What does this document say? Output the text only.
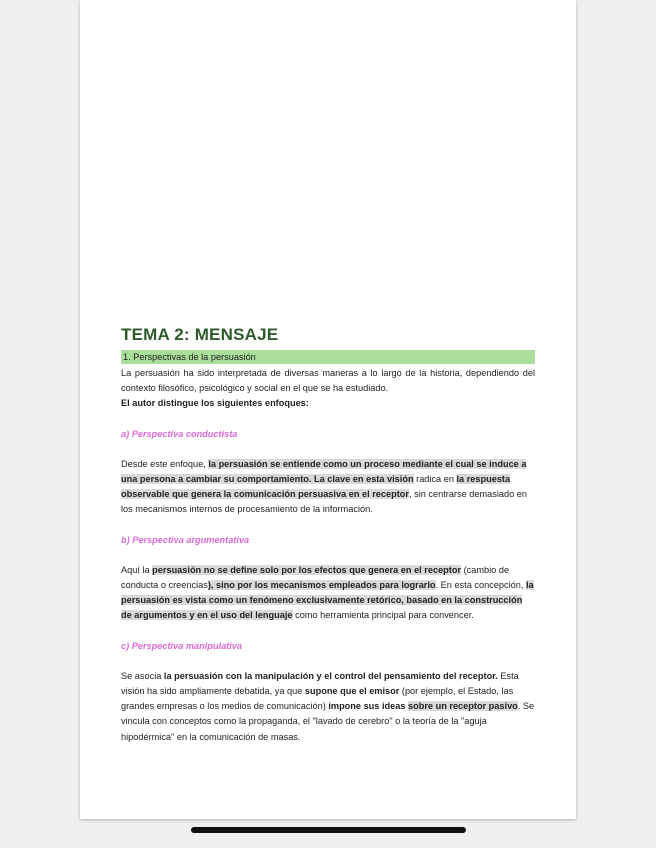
TEMA 2: MENSAJE
1. Perspectivas de la persuasión

La persuasión ha sido interpretada de diversas maneras a lo largo de la historia, dependiendo del contexto filosófico, psicológico y social en el que se ha estudiado.

El autor distingue los siguientes enfoques:

a) Perspectiva conductista

Desde este enfoque, la persuasión se entiende como un proceso mediante el cual se induce a una persona a cambiar su comportamiento. La clave en esta visión radica en la respuesta observable que genera la comunicación persuasiva en el receptor, sin centrarse demasiado en los mecanismos internos de procesamiento de la información.

b) Perspectiva argumentativa

Aquí la persuasión no se define solo por los efectos que genera en el receptor (cambio de conducta o creencias), sino por los mecanismos empleados para lograrlo. En esta concepción, la persuasión es vista como un fenómeno exclusivamente retórico, basado en la construcción de argumentos y en el uso del lenguaje como herramienta principal para convencer.

c) Perspectiva manipulativa

Se asocia la persuasión con la manipulación y el control del pensamiento del receptor. Esta visión ha sido ampliamente debatida, ya que supone que el emisor (por ejemplo, el Estado, las grandes empresas o los medios de comunicación) impone sus ideas sobre un receptor pasivo. Se vincula con conceptos como la propaganda, el "lavado de cerebro" o la teoría de la "aguja hipodérmica" en la comunicación de masas.
